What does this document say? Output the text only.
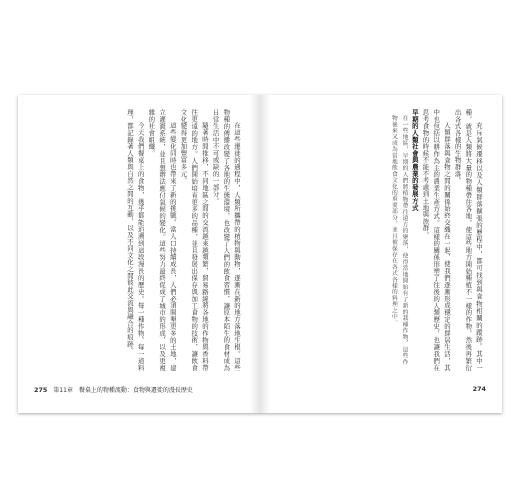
在這些遷徙的過程中，人類所攜帶的植物與動物，逐漸在新的地方落地生根。這些物種的傳播改變了各地的生態環境，也改變了人們的飲食習慣，讓原本陌生的食材成為日常生活中不可或缺的一部分。

隨著時間推移，不同地區之間的交流越來越頻繁，貿易路線將各地的作物與香料帶往更遠的地方。人們開始培育更多的品種，並且發展出保存與加工食物的技術，讓飲食文化變得更加豐富多元。

這些變化同時也帶來了新的挑戰。當人口持續成長，人們必須開墾更多的土地，建立灌溉系統，並且想辦法應付氣候的變化。這些努力最終促成了城市的形成，以及更複雜的社會組織。

今天我們餐桌上的食物，幾乎都能追溯到這段漫長的歷史。每一種作物、每一道料理，都記錄著人類與自然之間的互動，以及不同文化之間彼此交流與融合的痕跡。

275 第11章 餐桌上的物種流動：食物與遷徙的漫長歷史

充斥氣候遷移以及人類群落擴張的歷程中，都可找到與食物相關的蹤跡。其中一種，就是人類將大量的物種帶往各地，使這些地方開始種植不一樣的作物，然後再繁衍出各式各樣的生物群落。

人類群落與食物之間的關係始終交織在一起，使我們逐漸形成穩定的群居生活，其中也包括以耕作為主的農業生產方式。這樣的關係形塑了往後的人類歷史，也讓我們在思考食物的時候不能不考慮到土地與族群。

早期的人類社會與農業的發展方式

在一些地區，早期的人們將植物帶往遠方的聚落，使得當地開始有了新的栽種作物，這些作物後來又成為當地飲食文化的重要部分，並且被保存在各式各樣的料理之中。

274
